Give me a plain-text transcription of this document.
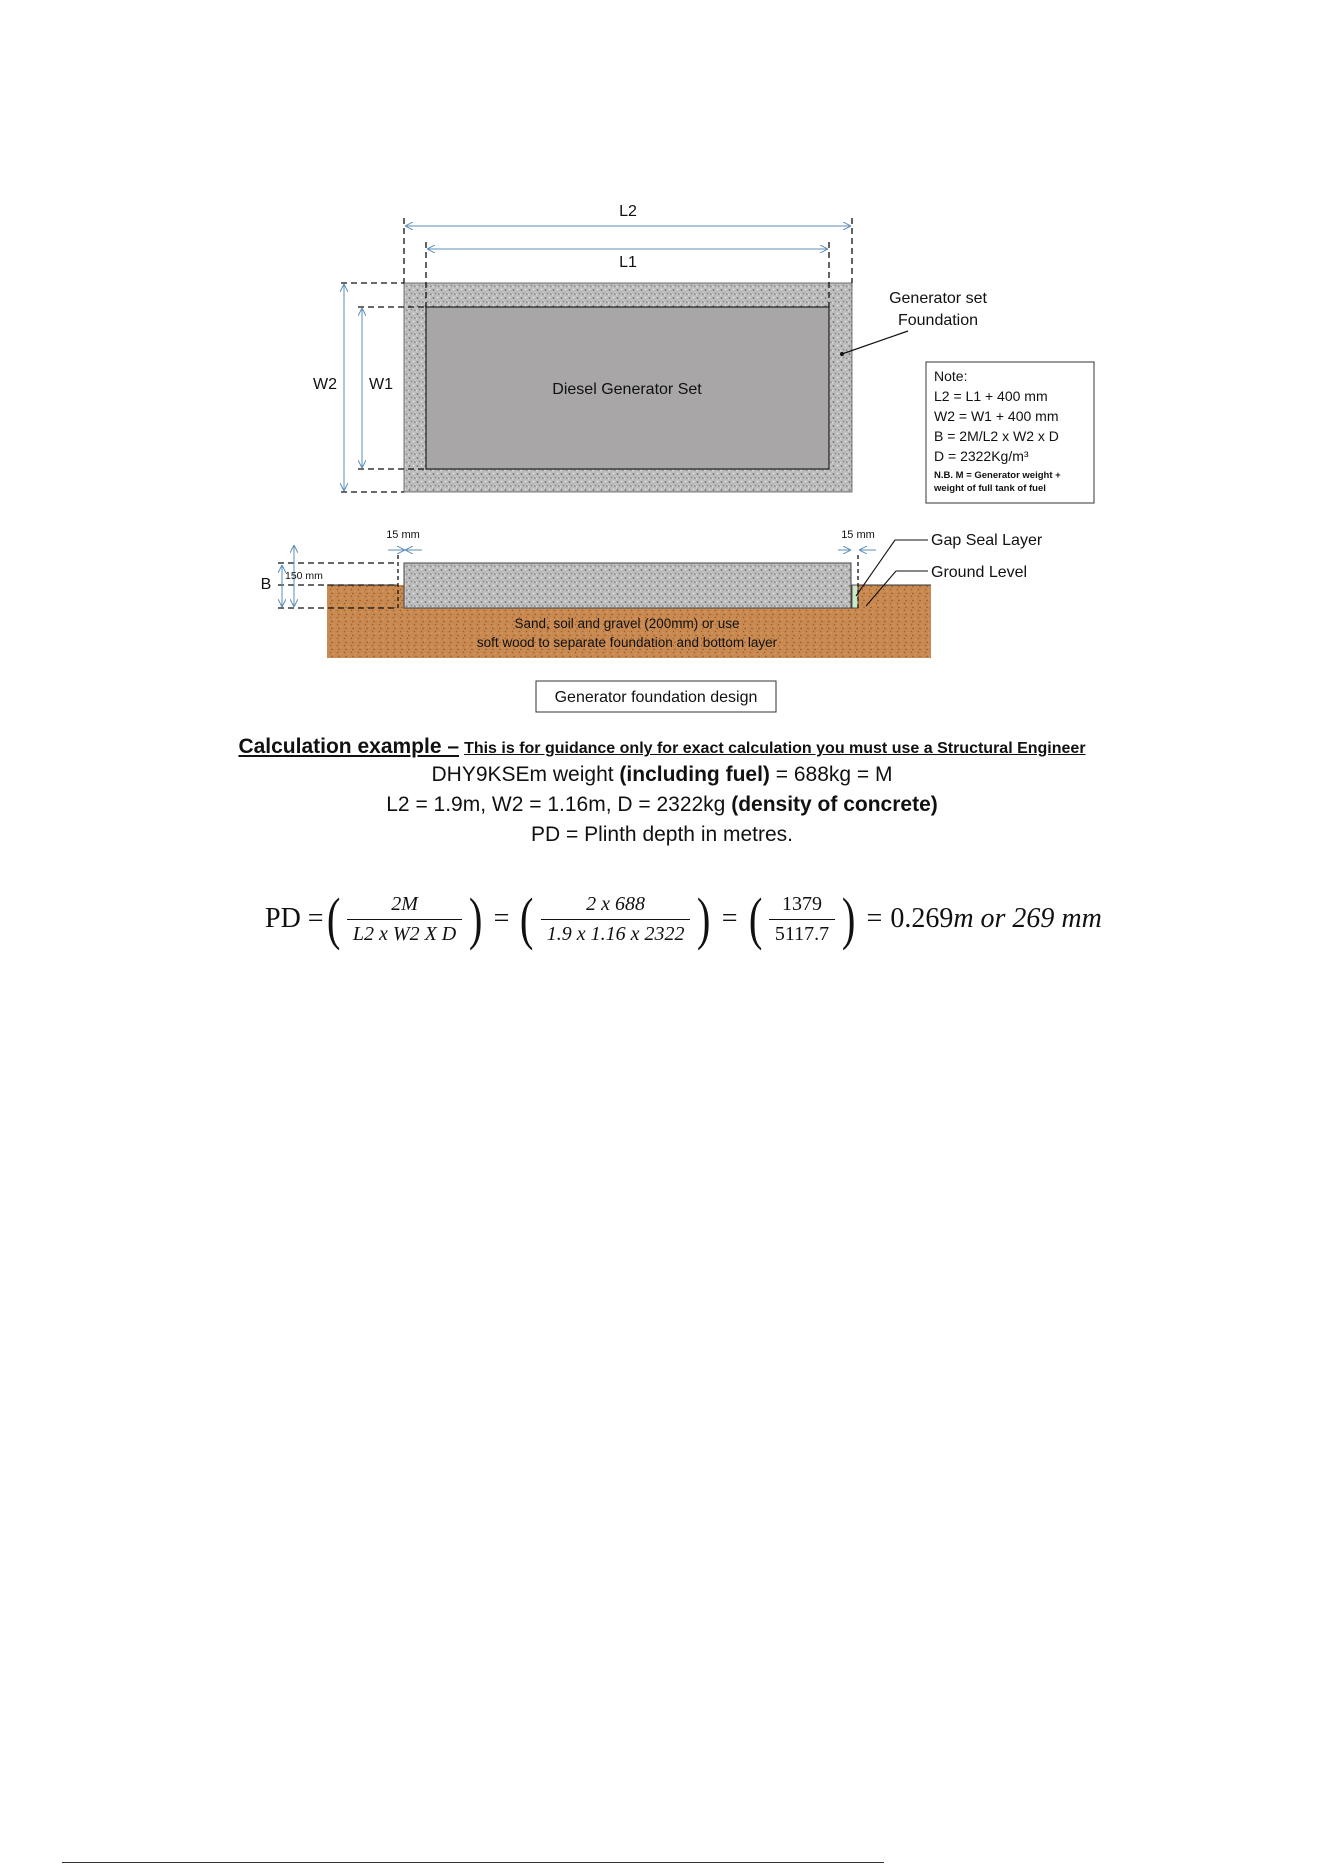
Diesel Generator Set
L2
L1
W2 W1
Generator set
Foundation
Note:
L2 = L1 + 400 mm
W2 = W1 + 400 mm
B = 2M/L2 x W2 x D
D = 2322Kg/m³
N.B. M = Generator weight +
weight of full tank of fuel
Sand, soil and gravel (200mm) or use
soft wood to separate foundation and bottom layer
15 mm	15 mm
B 150 mm
Gap Seal Layer
Ground Level
Generator foundation design
Calculation example – This is for guidance only for exact calculation you must use a Structural Engineer
DHY9KSEm weight (including fuel) = 688kg = M
L2 = 1.9m, W2 = 1.16m, D = 2322kg (density of concrete)
PD = Plinth depth in metres.
PD = ( $\frac{2M}{\text{L2 x W2 X D}}$ ) = ( $\frac{2 x 688}{1.9 x 1.16 x 2322}$ ) = ( $\frac{1379}{5117.7}$ ) = 0.269 m or 269 mm
